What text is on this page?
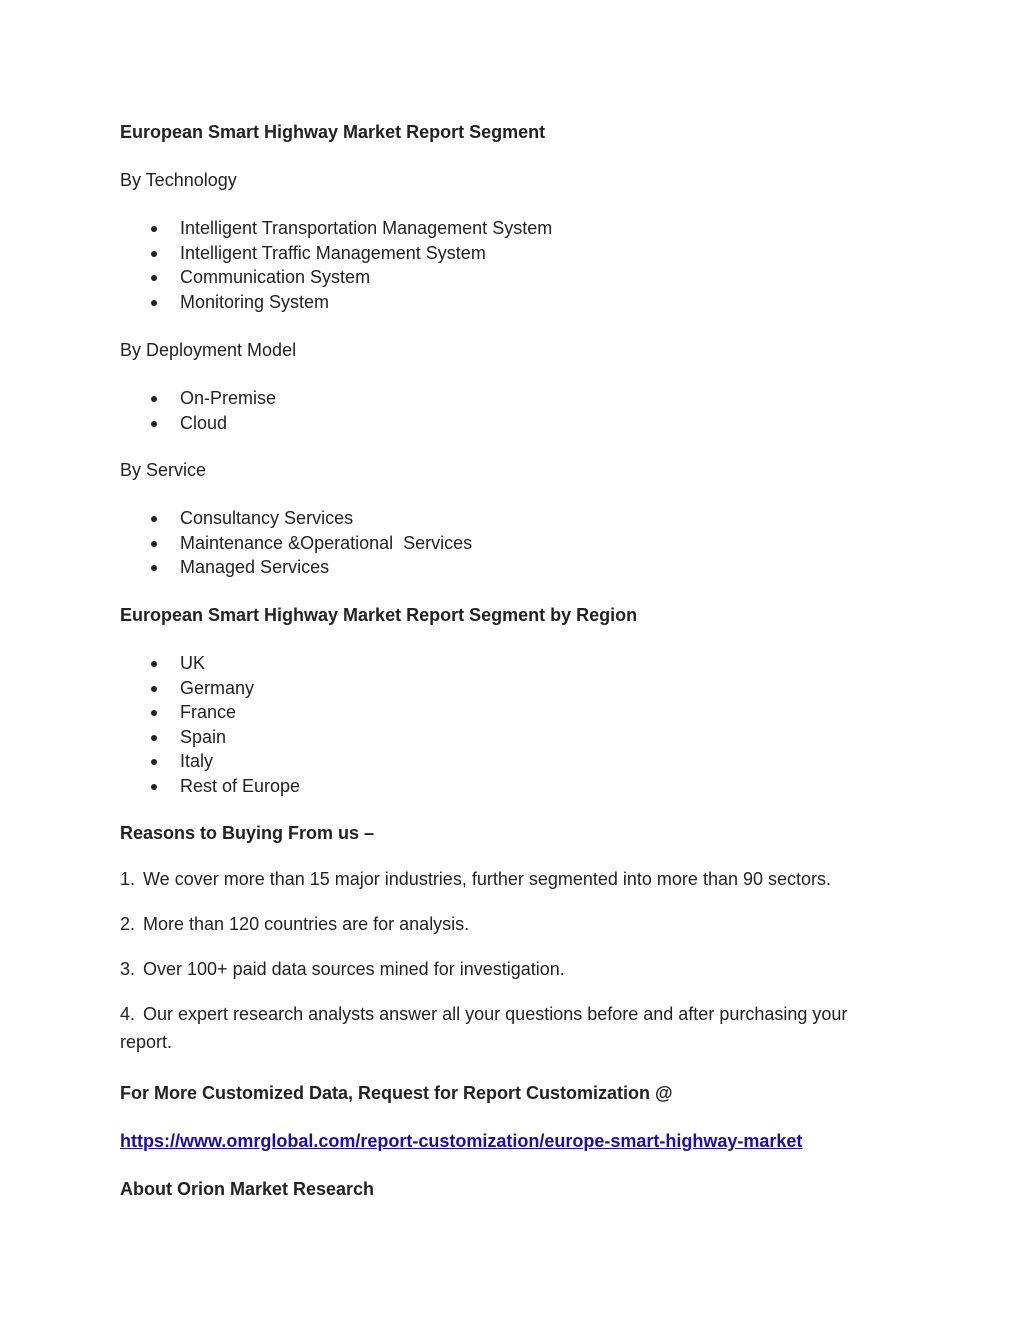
European Smart Highway Market Report Segment

By Technology

Intelligent Transportation Management System
Intelligent Traffic Management System
Communication System
Monitoring System

By Deployment Model

On-Premise
Cloud

By Service

Consultancy Services
Maintenance &Operational  Services
Managed Services

European Smart Highway Market Report Segment by Region

UK
Germany
France
Spain
Italy
Rest of Europe

Reasons to Buying From us –

1. We cover more than 15 major industries, further segmented into more than 90 sectors.

2. More than 120 countries are for analysis.

3. Over 100+ paid data sources mined for investigation.

4. Our expert research analysts answer all your questions before and after purchasing your report.

For More Customized Data, Request for Report Customization @

https://www.omrglobal.com/report-customization/europe-smart-highway-market

About Orion Market Research
